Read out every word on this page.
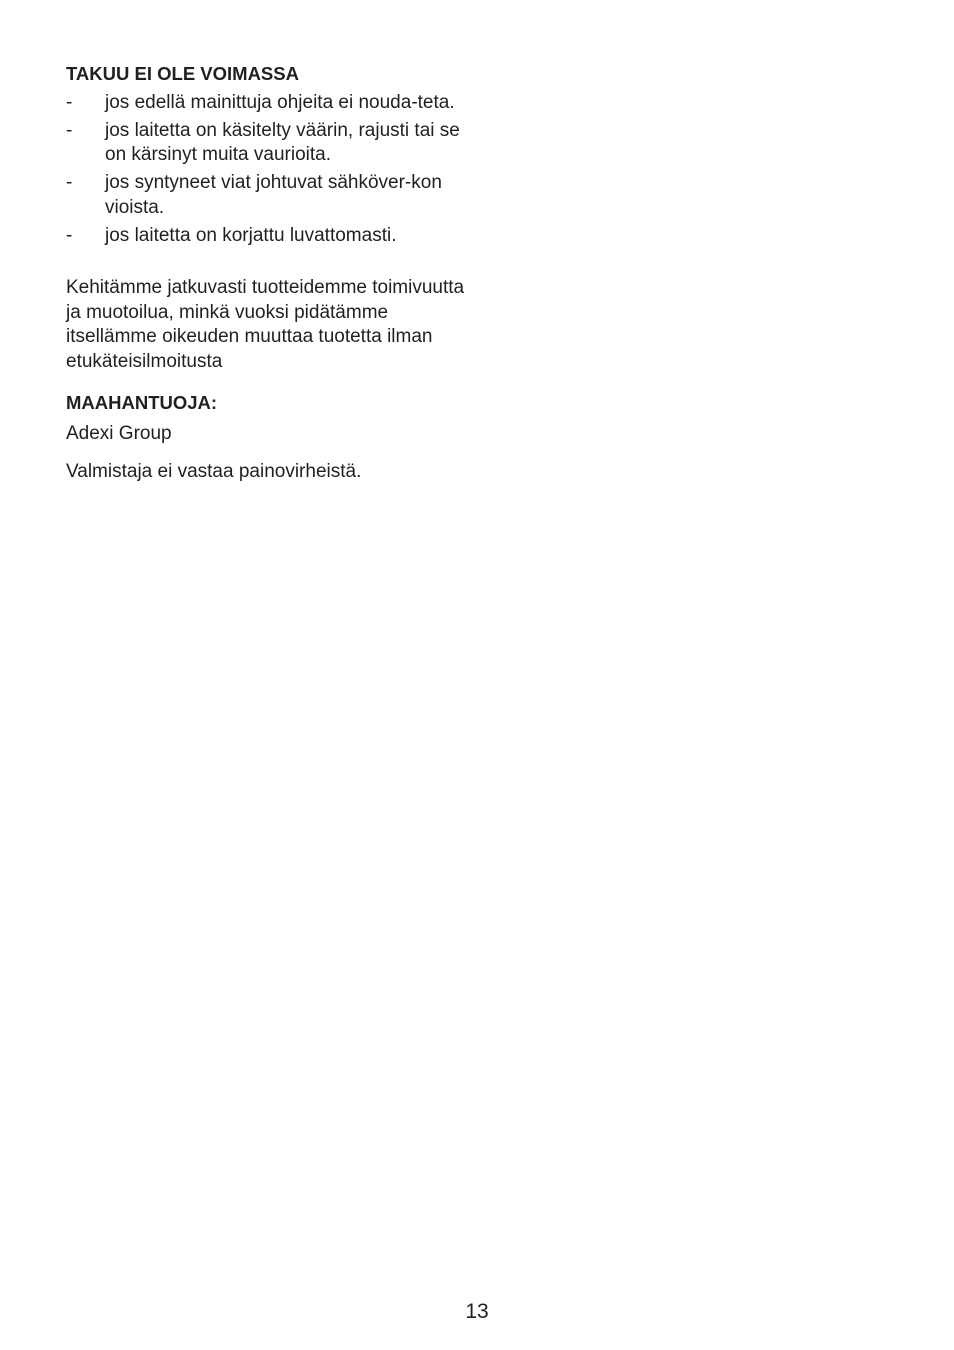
TAKUU EI OLE VOIMASSA
- jos edellä mainittuja ohjeita ei nouda-teta.
- jos laitetta on käsitelty väärin, rajusti tai se on kärsinyt muita vaurioita.
- jos syntyneet viat johtuvat sähköver-kon vioista.
- jos laitetta on korjattu luvattomasti.

Kehitämme jatkuvasti tuotteidemme toimivuutta ja muotoilua, minkä vuoksi pidätämme itsellämme oikeuden muuttaa tuotetta ilman etukäteisilmoitusta

MAAHANTUOJA:

Adexi Group

Valmistaja ei vastaa painovirheistä.

13
